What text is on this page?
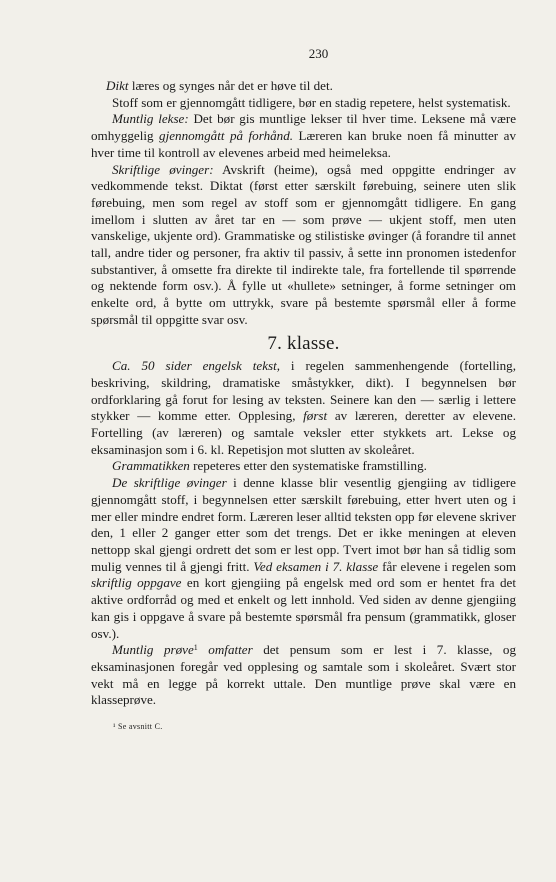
230

Dikt læres og synges når det er høve til det.

Stoff som er gjennomgått tidligere, bør en stadig repetere, helst systematisk.

Muntlig lekse: Det bør gis muntlige lekser til hver time. Leksene må være omhyggelig gjennomgått på forhånd. Læreren kan bruke noen få minutter av hver time til kontroll av elevenes arbeid med heimeleksa.

Skriftlige øvinger: Avskrift (heime), også med oppgitte endringer av vedkommende tekst. Diktat (først etter særskilt førebuing, seinere uten slik førebuing, men som regel av stoff som er gjennomgått tidligere. En gang imellom i slutten av året tar en — som prøve — ukjent stoff, men uten vanskelige, ukjente ord). Grammatiske og stilistiske øvinger (å forandre til annet tall, andre tider og personer, fra aktiv til passiv, å sette inn pronomen istedenfor substantiver, å omsette fra direkte til indirekte tale, fra fortellende til spørrende og nektende form osv.). Å fylle ut «hullete» setninger, å forme setninger om enkelte ord, å bytte om uttrykk, svare på bestemte spørsmål eller å forme spørsmål til oppgitte svar osv.

7. klasse.

Ca. 50 sider engelsk tekst, i regelen sammenhengende (fortelling, beskriving, skildring, dramatiske småstykker, dikt). I begynnelsen bør ordforklaring gå forut for lesing av teksten. Seinere kan den — særlig i lettere stykker — komme etter. Opplesing, først av læreren, deretter av elevene. Fortelling (av læreren) og samtale veksler etter stykkets art. Lekse og eksaminasjon som i 6. kl. Repetisjon mot slutten av skoleåret.

Grammatikken repeteres etter den systematiske framstilling.

De skriftlige øvinger i denne klasse blir vesentlig gjengiing av tidligere gjennomgått stoff, i begynnelsen etter særskilt førebuing, etter hvert uten og i mer eller mindre endret form. Læreren leser alltid teksten opp før elevene skriver den, 1 eller 2 ganger etter som det trengs. Det er ikke meningen at eleven nettopp skal gjengi ordrett det som er lest opp. Tvert imot bør han så tidlig som mulig vennes til å gjengi fritt. Ved eksamen i 7. klasse får elevene i regelen som skriftlig oppgave en kort gjengiing på engelsk med ord som er hentet fra det aktive ordforråd og med et enkelt og lett innhold. Ved siden av denne gjengiing kan gis i oppgave å svare på bestemte spørsmål fra pensum (grammatikk, gloser osv.).

Muntlig prøve$^1$ omfatter det pensum som er lest i 7. klasse, og eksaminasjonen foregår ved opplesing og samtale som i skoleåret. Svært stor vekt må en legge på korrekt uttale. Den muntlige prøve skal være en klasseprøve.

¹ Se avsnitt C.
